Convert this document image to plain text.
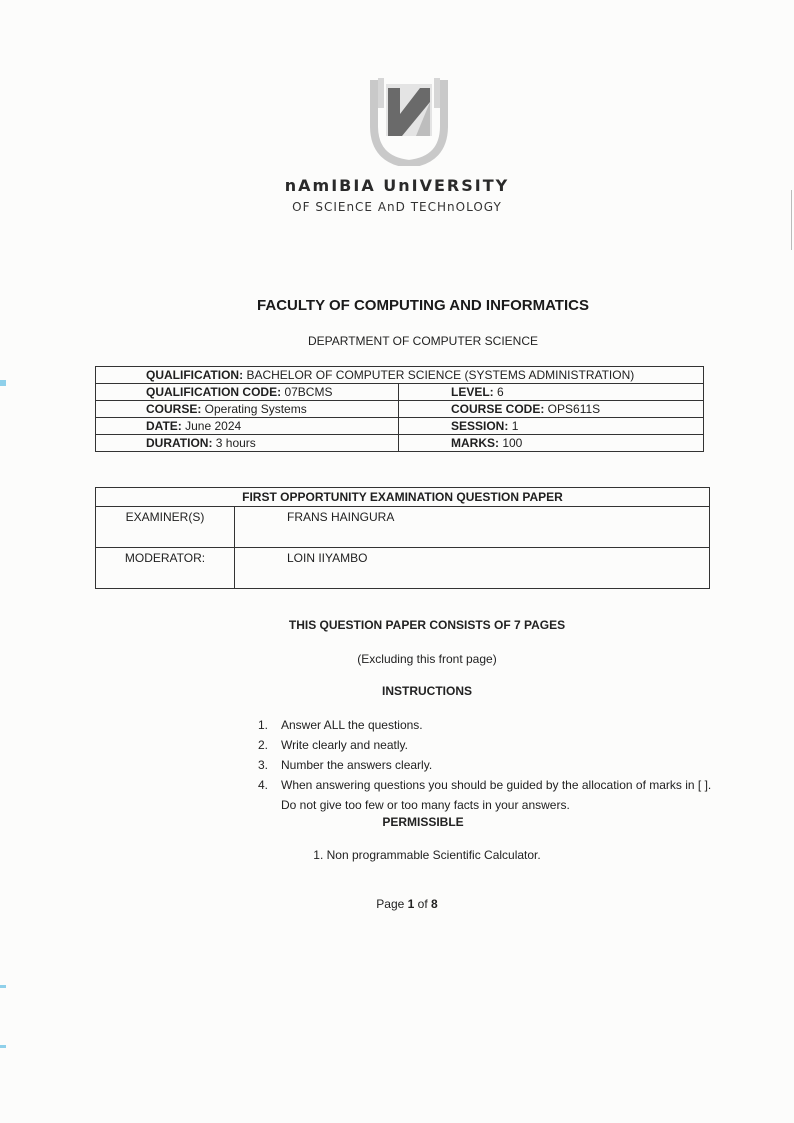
nAmIBIA UnIVERSITY
OF SCIEnCE AnD TECHnOLOGY
FACULTY OF COMPUTING AND INFORMATICS
DEPARTMENT OF COMPUTER SCIENCE
QUALIFICATION: BACHELOR OF COMPUTER SCIENCE (SYSTEMS ADMINISTRATION)	
QUALIFICATION CODE: 07BCMS	LEVEL: 6
COURSE: Operating Systems	COURSE CODE: OPS611S
DATE: June 2024	SESSION: 1
DURATION: 3 hours	MARKS: 100
FIRST OPPORTUNITY EXAMINATION QUESTION PAPER	
EXAMINER(S)	FRANS HAINGURA
MODERATOR:	LOIN IIYAMBO
THIS QUESTION PAPER CONSISTS OF 7 PAGES
(Excluding this front page)
INSTRUCTIONS
1. Answer ALL the questions.
2. Write clearly and neatly.
3. Number the answers clearly.
4. When answering questions you should be guided by the allocation of marks in [ ]. Do not give too few or too many facts in your answers.
PERMISSIBLE
1. Non programmable Scientific Calculator.
Page 1 of 8
